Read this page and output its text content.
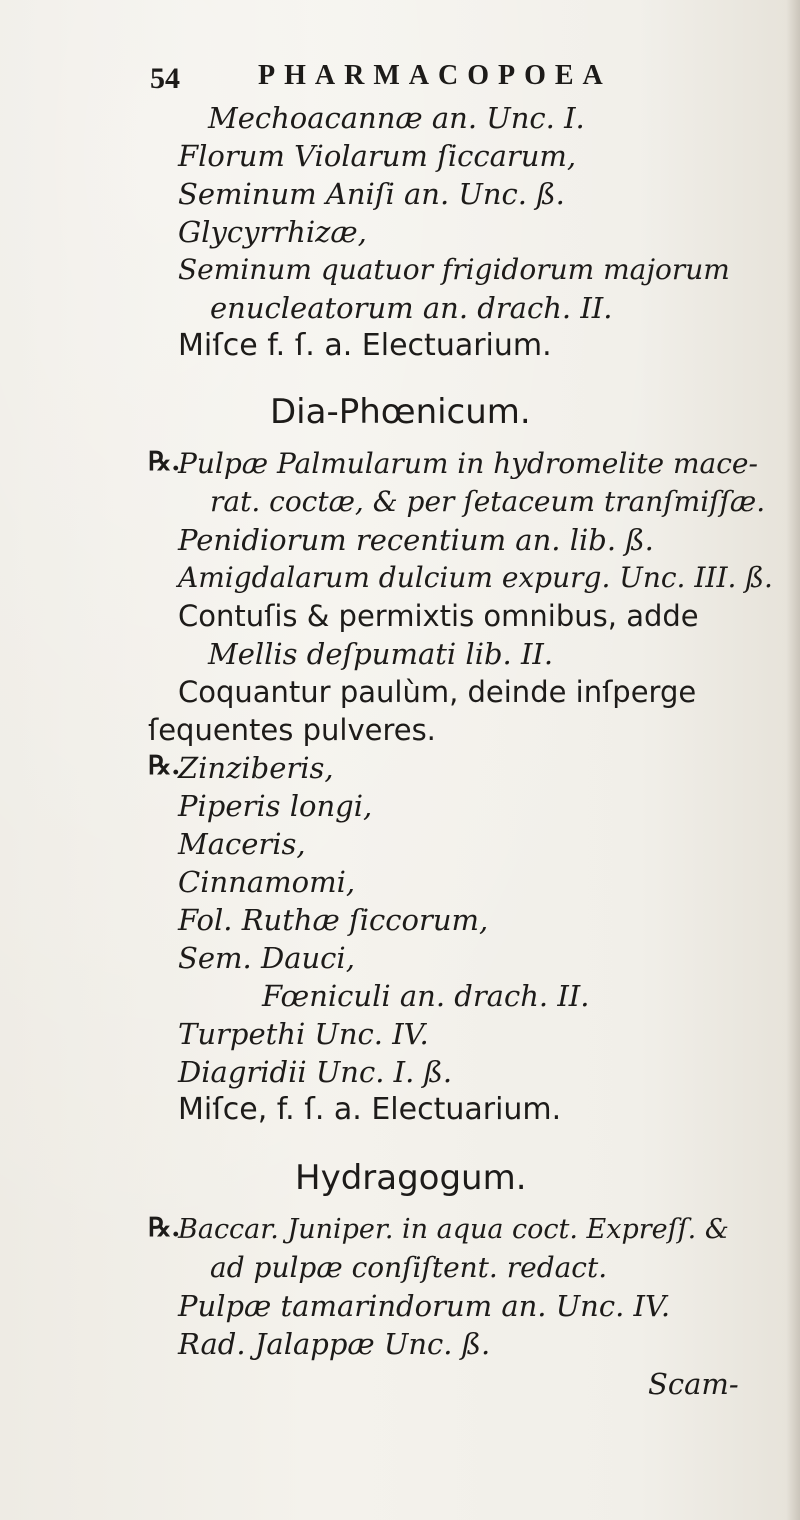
54	PHARMACOPOEA
Mechoacannæ an. Unc. I.
Florum Violarum ſiccarum,
Seminum Aniſi an. Unc. ß.
Glycyrrhizæ,
Seminum quatuor frigidorum majorum
enucleatorum an. drach. II.
Miſce f. ſ. a. Electuarium.
Dia-Phœnicum.
℞.
Pulpæ Palmularum in hydromelite mace-
rat. coctæ, & per ſetaceum tranſmiſſæ.
Penidiorum recentium an. lib. ß.
Amigdalarum dulcium expurg. Unc. III. ß.
Contuſis & permixtis omnibus, adde
Mellis deſpumati lib. II.
Coquantur paulùm, deinde inſperge
ſequentes pulveres.
℞.
Zinziberis,
Piperis longi,
Maceris,
Cinnamomi,
Fol. Ruthæ ſiccorum,
Sem. Dauci,
Fœniculi an. drach. II.
Turpethi Unc. IV.
Diagridii Unc. I. ß.
Miſce, f. ſ. a. Electuarium.
Hydragogum.
℞.
Baccar. Juniper. in aqua coct. Expreſſ. &
ad pulpæ conſiſtent. redact.
Pulpæ tamarindorum an. Unc. IV.
Rad. Jalappæ Unc. ß.
Scam-
